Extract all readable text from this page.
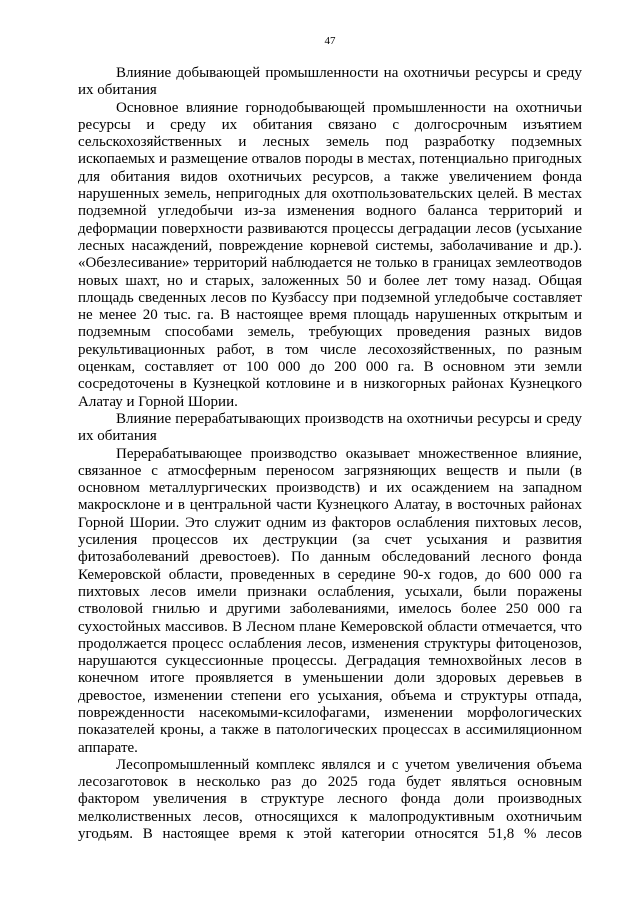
47

Влияние добывающей промышленности на охотничьи ресурсы и среду их обитания

Основное влияние горнодобывающей промышленности на охотничьи ресурсы и среду их обитания связано с долгосрочным изъятием сельскохозяйственных и лесных земель под разработку подземных ископаемых и размещение отвалов породы в местах, потенциально пригодных для обитания видов охотничьих ресурсов, а также увеличением фонда нарушенных земель, непригодных для охотпользовательских целей. В местах подземной угледобычи из-за изменения водного баланса территорий и деформации поверхности развиваются процессы деградации лесов (усыхание лесных насаждений, повреждение корневой системы, заболачивание и др.). «Обезлесивание» территорий наблюдается не только в границах землеотводов новых шахт, но и старых, заложенных 50 и более лет тому назад. Общая площадь сведенных лесов по Кузбассу при подземной угледобыче составляет не менее 20 тыс. га. В настоящее время площадь нарушенных открытым и подземным способами земель, требующих проведения разных видов рекультивационных работ, в том числе лесохозяйственных, по разным оценкам, составляет от 100 000 до 200 000 га. В основном эти земли сосредоточены в Кузнецкой котловине и в низкогорных районах Кузнецкого Алатау и Горной Шории.

Влияние перерабатывающих производств на охотничьи ресурсы и среду их обитания

Перерабатывающее производство оказывает множественное влияние, связанное с атмосферным переносом загрязняющих веществ и пыли (в основном металлургических производств) и их осаждением на западном макросклоне и в центральной части Кузнецкого Алатау, в восточных районах Горной Шории. Это служит одним из факторов ослабления пихтовых лесов, усиления процессов их деструкции (за счет усыхания и развития фитозаболеваний древостоев). По данным обследований лесного фонда Кемеровской области, проведенных в середине 90-х годов, до 600 000 га пихтовых лесов имели признаки ослабления, усыхали, были поражены стволовой гнилью и другими заболеваниями, имелось более 250 000 га сухостойных массивов. В Лесном плане Кемеровской области отмечается, что продолжается процесс ослабления лесов, изменения структуры фитоценозов, нарушаются сукцессионные процессы. Деградация темнохвойных лесов в конечном итоге проявляется в уменьшении доли здоровых деревьев в древостое, изменении степени его усыхания, объема и структуры отпада, поврежденности насекомыми-ксилофагами, изменении морфологических показателей кроны, а также в патологических процессах в ассимиляционном аппарате.

Лесопромышленный комплекс являлся и с учетом увеличения объема лесозаготовок в несколько раз до 2025 года будет являться основным фактором увеличения в структуре лесного фонда доли производных мелколиственных лесов, относящихся к малопродуктивным охотничьим угодьям. В настоящее время к этой категории относятся 51,8 % лесов
